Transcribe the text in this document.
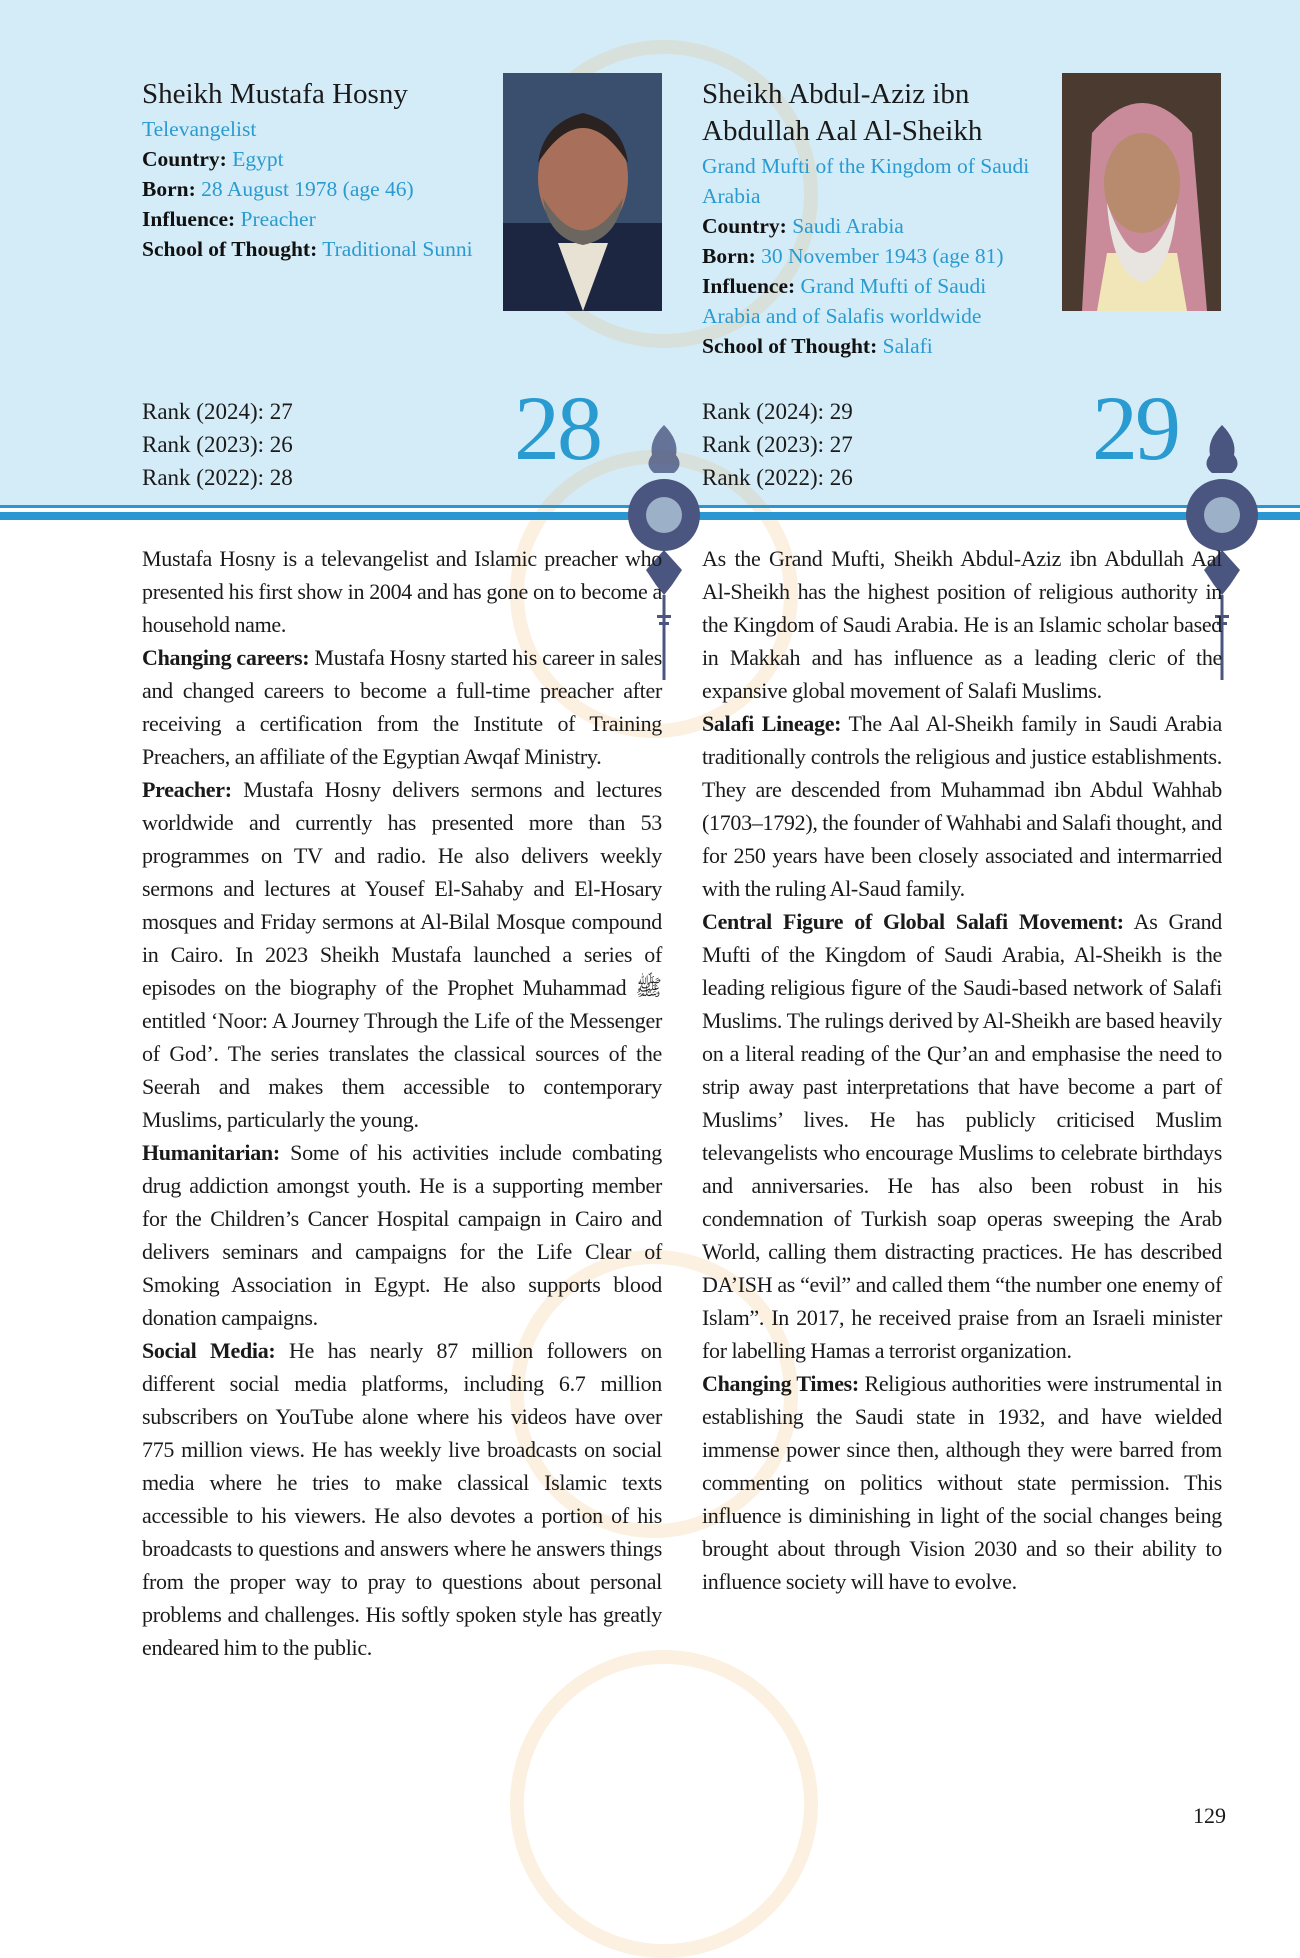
Sheikh Mustafa Hosny
Televangelist
Country: Egypt
Born: 28 August 1978 (age 46)
Influence: Preacher
School of Thought: Traditional Sunni
Rank (2024): 27
Rank (2023): 26
Rank (2022): 28 28
Sheikh Abdul-Aziz ibn Abdullah Aal Al-Sheikh
Grand Mufti of the Kingdom of Saudi Arabia
Country: Saudi Arabia
Born: 30 November 1943 (age 81)
Influence: Grand Mufti of Saudi Arabia and of Salafis worldwide
School of Thought: Salafi
Rank (2024): 29
Rank (2023): 27
Rank (2022): 26	29

Mustafa Hosny is a televangelist and Islamic preacher who presented his first show in 2004 and has gone on to become a household name.

Changing careers: Mustafa Hosny started his career in sales and changed careers to become a full-time preacher after receiving a certification from the Institute of Training Preachers, an affiliate of the Egyptian Awqaf Ministry.

Preacher: Mustafa Hosny delivers sermons and lectures worldwide and currently has presented more than 53 programmes on TV and radio. He also delivers weekly sermons and lectures at Yousef El-Sahaby and El-Hosary mosques and Friday sermons at Al-Bilal Mosque compound in Cairo. In 2023 Sheikh Mustafa launched a series of episodes on the biography of the Prophet Muhammad ﷺ entitled ‘Noor: A Journey Through the Life of the Messenger of God’. The series translates the classical sources of the Seerah and makes them accessible to contemporary Muslims, particularly the young.

Humanitarian: Some of his activities include combating drug addiction amongst youth. He is a supporting member for the Children’s Cancer Hospital campaign in Cairo and delivers seminars and campaigns for the Life Clear of Smoking Association in Egypt. He also supports blood donation campaigns.

Social Media: He has nearly 87 million followers on different social media platforms, including 6.7 million subscribers on YouTube alone where his videos have over 775 million views. He has weekly live broadcasts on social media where he tries to make classical Islamic texts accessible to his viewers. He also devotes a portion of his broadcasts to questions and answers where he answers things from the proper way to pray to questions about personal problems and challenges. His softly spoken style has greatly endeared him to the public.

As the Grand Mufti, Sheikh Abdul-Aziz ibn Abdullah Aal Al-Sheikh has the highest position of religious authority in the Kingdom of Saudi Arabia. He is an Islamic scholar based in Makkah and has influence as a leading cleric of the expansive global movement of Salafi Muslims.

Salafi Lineage: The Aal Al-Sheikh family in Saudi Arabia traditionally controls the religious and justice establishments. They are descended from Muhammad ibn Abdul Wahhab (1703–1792), the founder of Wahhabi and Salafi thought, and for 250 years have been closely associated and intermarried with the ruling Al-Saud family.

Central Figure of Global Salafi Movement: As Grand Mufti of the Kingdom of Saudi Arabia, Al-Sheikh is the leading religious figure of the Saudi-based network of Salafi Muslims. The rulings derived by Al-Sheikh are based heavily on a literal reading of the Qur’an and emphasise the need to strip away past interpretations that have become a part of Muslims’ lives. He has publicly criticised Muslim televangelists who encourage Muslims to celebrate birthdays and anniversaries. He has also been robust in his condemnation of Turkish soap operas sweeping the Arab World, calling them distracting practices. He has described DA’ISH as “evil” and called them “the number one enemy of Islam”. In 2017, he received praise from an Israeli minister for labelling Hamas a terrorist organization.

Changing Times: Religious authorities were instrumental in establishing the Saudi state in 1932, and have wielded immense power since then, although they were barred from commenting on politics without state permission. This influence is diminishing in light of the social changes being brought about through Vision 2030 and so their ability to influence society will have to evolve.

129
